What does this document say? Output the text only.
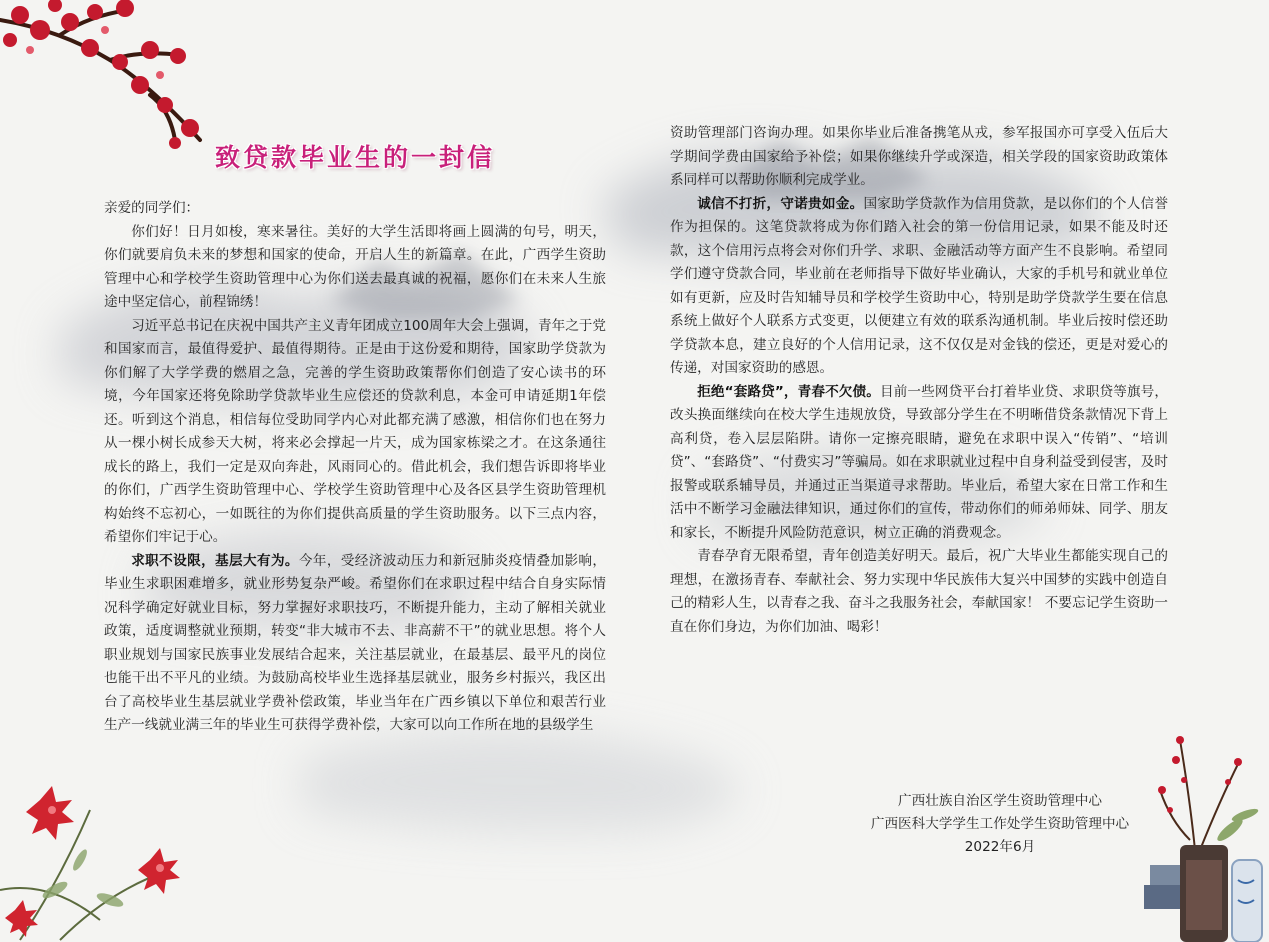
致贷款毕业生的一封信

亲爱的同学们：

你们好！日月如梭，寒来暑往。美好的大学生活即将画上圆满的句号，明天，你们就要肩负未来的梦想和国家的使命，开启人生的新篇章。在此，广西学生资助管理中心和学校学生资助管理中心为你们送去最真诚的祝福，愿你们在未来人生旅途中坚定信心，前程锦绣！

习近平总书记在庆祝中国共产主义青年团成立100周年大会上强调，青年之于党和国家而言，最值得爱护、最值得期待。正是由于这份爱和期待，国家助学贷款为你们解了大学学费的燃眉之急，完善的学生资助政策帮你们创造了安心读书的环境，今年国家还将免除助学贷款毕业生应偿还的贷款利息，本金可申请延期1年偿还。听到这个消息，相信每位受助同学内心对此都充满了感激，相信你们也在努力从一棵小树长成参天大树，将来必会撑起一片天，成为国家栋梁之才。在这条通往成长的路上，我们一定是双向奔赴，风雨同心的。借此机会，我们想告诉即将毕业的你们，广西学生资助管理中心、学校学生资助管理中心及各区县学生资助管理机构始终不忘初心，一如既往的为你们提供高质量的学生资助服务。以下三点内容，希望你们牢记于心。

求职不设限，基层大有为。今年，受经济波动压力和新冠肺炎疫情叠加影响，毕业生求职困难增多，就业形势复杂严峻。希望你们在求职过程中结合自身实际情况科学确定好就业目标，努力掌握好求职技巧，不断提升能力，主动了解相关就业政策，适度调整就业预期，转变“非大城市不去、非高薪不干”的就业思想。将个人职业规划与国家民族事业发展结合起来，关注基层就业，在最基层、最平凡的岗位也能干出不平凡的业绩。为鼓励高校毕业生选择基层就业，服务乡村振兴，我区出台了高校毕业生基层就业学费补偿政策，毕业当年在广西乡镇以下单位和艰苦行业生产一线就业满三年的毕业生可获得学费补偿，大家可以向工作所在地的县级学生

资助管理部门咨询办理。如果你毕业后准备携笔从戎，参军报国亦可享受入伍后大学期间学费由国家给予补偿；如果你继续升学或深造，相关学段的国家资助政策体系同样可以帮助你顺利完成学业。

诚信不打折，守诺贵如金。国家助学贷款作为信用贷款，是以你们的个人信誉作为担保的。这笔贷款将成为你们踏入社会的第一份信用记录，如果不能及时还款，这个信用污点将会对你们升学、求职、金融活动等方面产生不良影响。希望同学们遵守贷款合同，毕业前在老师指导下做好毕业确认，大家的手机号和就业单位如有更新，应及时告知辅导员和学校学生资助中心，特别是助学贷款学生要在信息系统上做好个人联系方式变更，以便建立有效的联系沟通机制。毕业后按时偿还助学贷款本息，建立良好的个人信用记录，这不仅仅是对金钱的偿还，更是对爱心的传递，对国家资助的感恩。

拒绝“套路贷”，青春不欠债。目前一些网贷平台打着毕业贷、求职贷等旗号，改头换面继续向在校大学生违规放贷，导致部分学生在不明晰借贷条款情况下背上高利贷，卷入层层陷阱。请你一定擦亮眼睛，避免在求职中误入“传销”、“培训贷”、“套路贷”、“付费实习”等骗局。如在求职就业过程中自身利益受到侵害，及时报警或联系辅导员，并通过正当渠道寻求帮助。毕业后，希望大家在日常工作和生活中不断学习金融法律知识，通过你们的宣传，带动你们的师弟师妹、同学、朋友和家长，不断提升风险防范意识，树立正确的消费观念。

青春孕育无限希望，青年创造美好明天。最后，祝广大毕业生都能实现自己的理想，在激扬青春、奉献社会、努力实现中华民族伟大复兴中国梦的实践中创造自己的精彩人生，以青春之我、奋斗之我服务社会，奉献国家！ 不要忘记学生资助一直在你们身边，为你们加油、喝彩！

广西壮族自治区学生资助管理中心
广西医科大学学生工作处学生资助管理中心
2022年6月
